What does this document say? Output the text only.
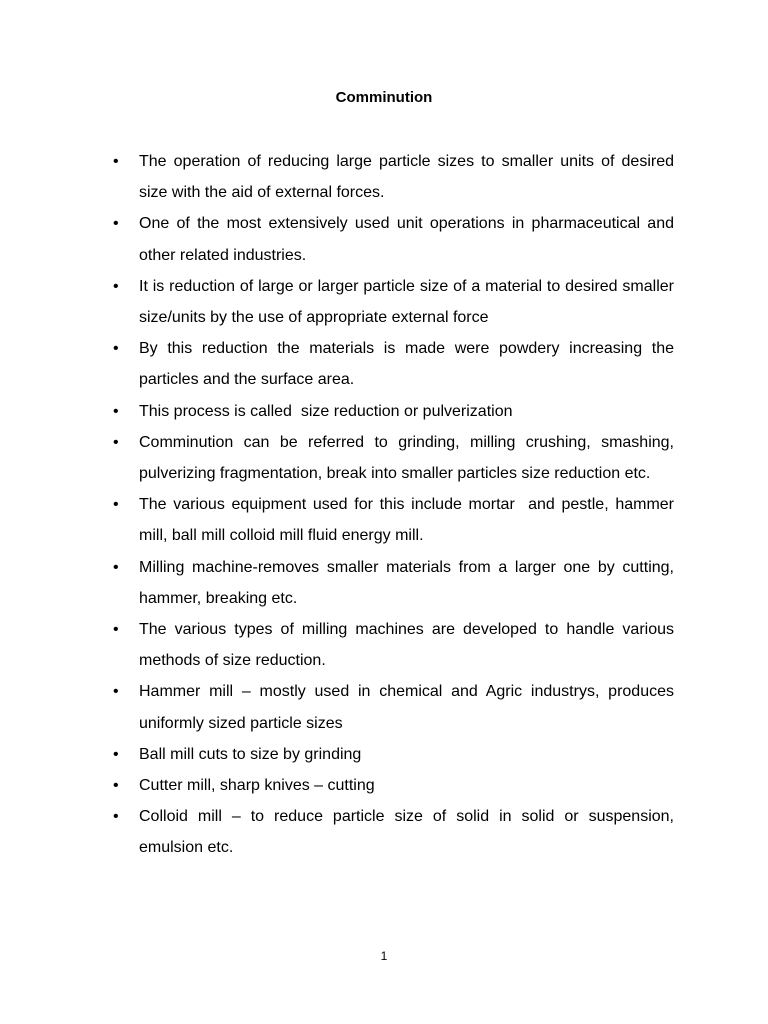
Comminution
• The operation of reducing large particle sizes to smaller units of desired size with the aid of external forces.
• One of the most extensively used unit operations in pharmaceutical and other related industries.
• It is reduction of large or larger particle size of a material to desired smaller size/units by the use of appropriate external force
• By this reduction the materials is made were powdery increasing the particles and the surface area.
• This process is called  size reduction or pulverization
• Comminution can be referred to grinding, milling crushing, smashing, pulverizing fragmentation, break into smaller particles size reduction etc.
• The various equipment used for this include mortar  and pestle, hammer mill, ball mill colloid mill fluid energy mill.
• Milling machine-removes smaller materials from a larger one by cutting, hammer, breaking etc.
• The various types of milling machines are developed to handle various methods of size reduction.
• Hammer mill – mostly used in chemical and Agric industrys, produces uniformly sized particle sizes
• Ball mill cuts to size by grinding
• Cutter mill, sharp knives – cutting
• Colloid mill – to reduce particle size of solid in solid or suspension, emulsion etc.
1
